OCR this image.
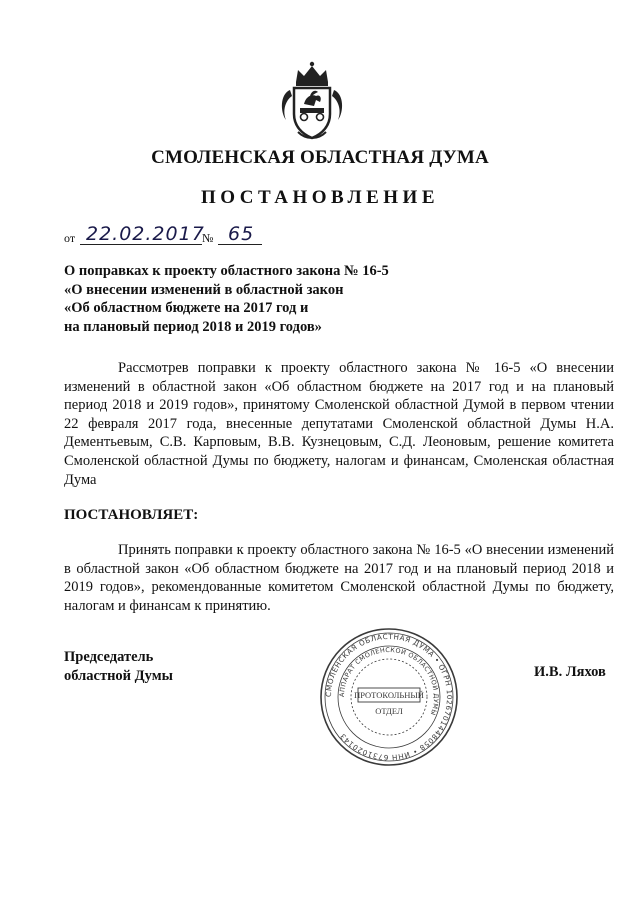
СМОЛЕНСКАЯ ОБЛАСТНАЯ ДУМА
ПОСТАНОВЛЕНИЕ
от 22.02.2017
№ 65
О поправках к проекту областного закона № 16-5
«О внесении изменений в областной закон
«Об областном бюджете на 2017 год и
на плановый период 2018 и 2019 годов»
Рассмотрев поправки к проекту областного закона № 16-5 «О внесении изменений в областной закон «Об областном бюджете на 2017 год и на плановый период 2018 и 2019 годов», принятому Смоленской областной Думой в первом чтении 22 февраля 2017 года, внесенные депутатами Смоленской областной Думы Н.А. Дементьевым, С.В. Карповым, В.В. Кузнецовым, С.Д. Леоновым, решение комитета Смоленской областной Думы по бюджету, налогам и финансам, Смоленская областная Дума
ПОСТАНОВЛЯЕТ:
Принять поправки к проекту областного закона № 16-5 «О внесении изменений в областной закон «Об областном бюджете на 2017 год и на плановый период 2018 и 2019 годов», рекомендованные комитетом Смоленской областной Думы по бюджету, налогам и финансам к принятию.
Председатель
областной Думы	И.В. Ляхов
СМОЛЕНСКАЯ ОБЛАСТНАЯ ДУМА • ОГРН 1026701448058 • ИНН 6731020143
АППАРАТ СМОЛЕНСКОЙ ОБЛАСТНОЙ ДУМЫ
ПРОТОКОЛЬНЫЙ
ОТДЕЛ
